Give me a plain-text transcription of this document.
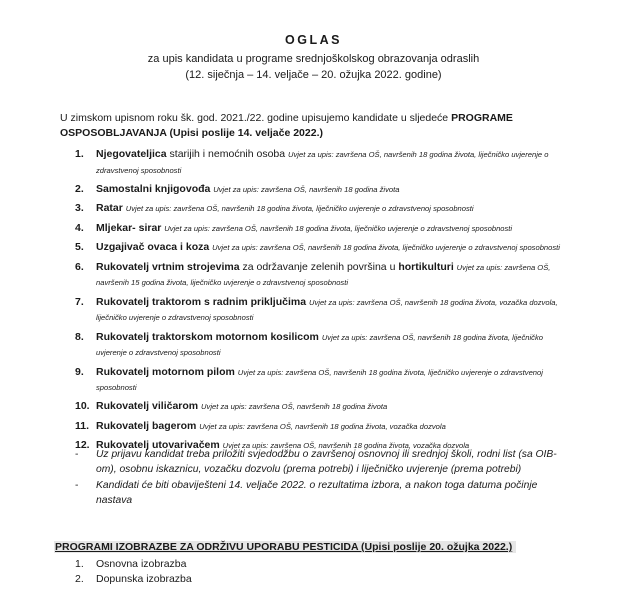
OGLAS
za upis kandidata u programe srednjoškolskog obrazovanja odraslih
(12. siječnja – 14. veljače – 20. ožujka 2022. godine)
U zimskom upisnom roku šk. god. 2021./22. godine upisujemo kandidate u sljedeće PROGRAME OSPOSOBLJAVANJA (Upisi poslije 14. veljače 2022.)
1. Njegovateljica starijih i nemoćnih osoba Uvjet za upis: završena OŠ, navršenih 18 godina života, liječničko uvjerenje o zdravstvenoj sposobnosti
2. Samostalni knjigovođa Uvjet za upis: završena OŠ, navršenih 18 godina života
3. Ratar Uvjet za upis: završena OŠ, navršenih 18 godina života, liječničko uvjerenje o zdravstvenoj sposobnosti
4. Mljekar- sirar Uvjet za upis: završena OŠ, navršenih 18 godina života, liječničko uvjerenje o zdravstvenoj sposobnosti
5. Uzgajivač ovaca i koza Uvjet za upis: završena OŠ, navršenih 18 godina života, liječničko uvjerenje o zdravstvenoj sposobnosti
6. Rukovatelj vrtnim strojevima za održavanje zelenih površina u hortikulturi Uvjet za upis: završena OŠ, navršenih 15 godina života, liječničko uvjerenje o zdravstvenoj sposobnosti
7. Rukovatelj traktorom s radnim priključima Uvjet za upis: završena OŠ, navršenih 18 godina života, vozačka dozvola, liječničko uvjerenje o zdravstvenoj sposobnosti
8. Rukovatelj traktorskom motornom kosilicom Uvjet za upis: završena OŠ, navršenih 18 godina života, liječničko uvjerenje o zdravstvenoj sposobnosti
9. Rukovatelj motornom pilom Uvjet za upis: završena OŠ, navršenih 18 godina života, liječničko uvjerenje o zdravstvenoj sposobnosti
10. Rukovatelj viličarom Uvjet za upis: završena OŠ, navršenih 18 godina života
11. Rukovatelj bagerom Uvjet za upis: završena OŠ, navršenih 18 godina života, vozačka dozvola
12. Rukovatelj utovarivačem Uvjet za upis: završena OŠ, navršenih 18 godina života, vozačka dozvola
- Uz prijavu kandidat treba priložiti svjedodžbu o završenoj osnovnoj ili srednjoj školi, rodni list (sa OIB-om), osobnu iskaznicu, vozačku dozvolu (prema potrebi) i liječničko uvjerenje (prema potrebi)
- Kandidati će biti obaviješteni 14. veljače 2022. o rezultatima izbora, a nakon toga datuma počinje nastava
PROGRAMI IZOBRAZBE ZA ODRŽIVU UPORABU PESTICIDA (Upisi poslije 20. ožujka 2022.)
1. Osnovna izobrazba
2. Dopunska izobrazba
